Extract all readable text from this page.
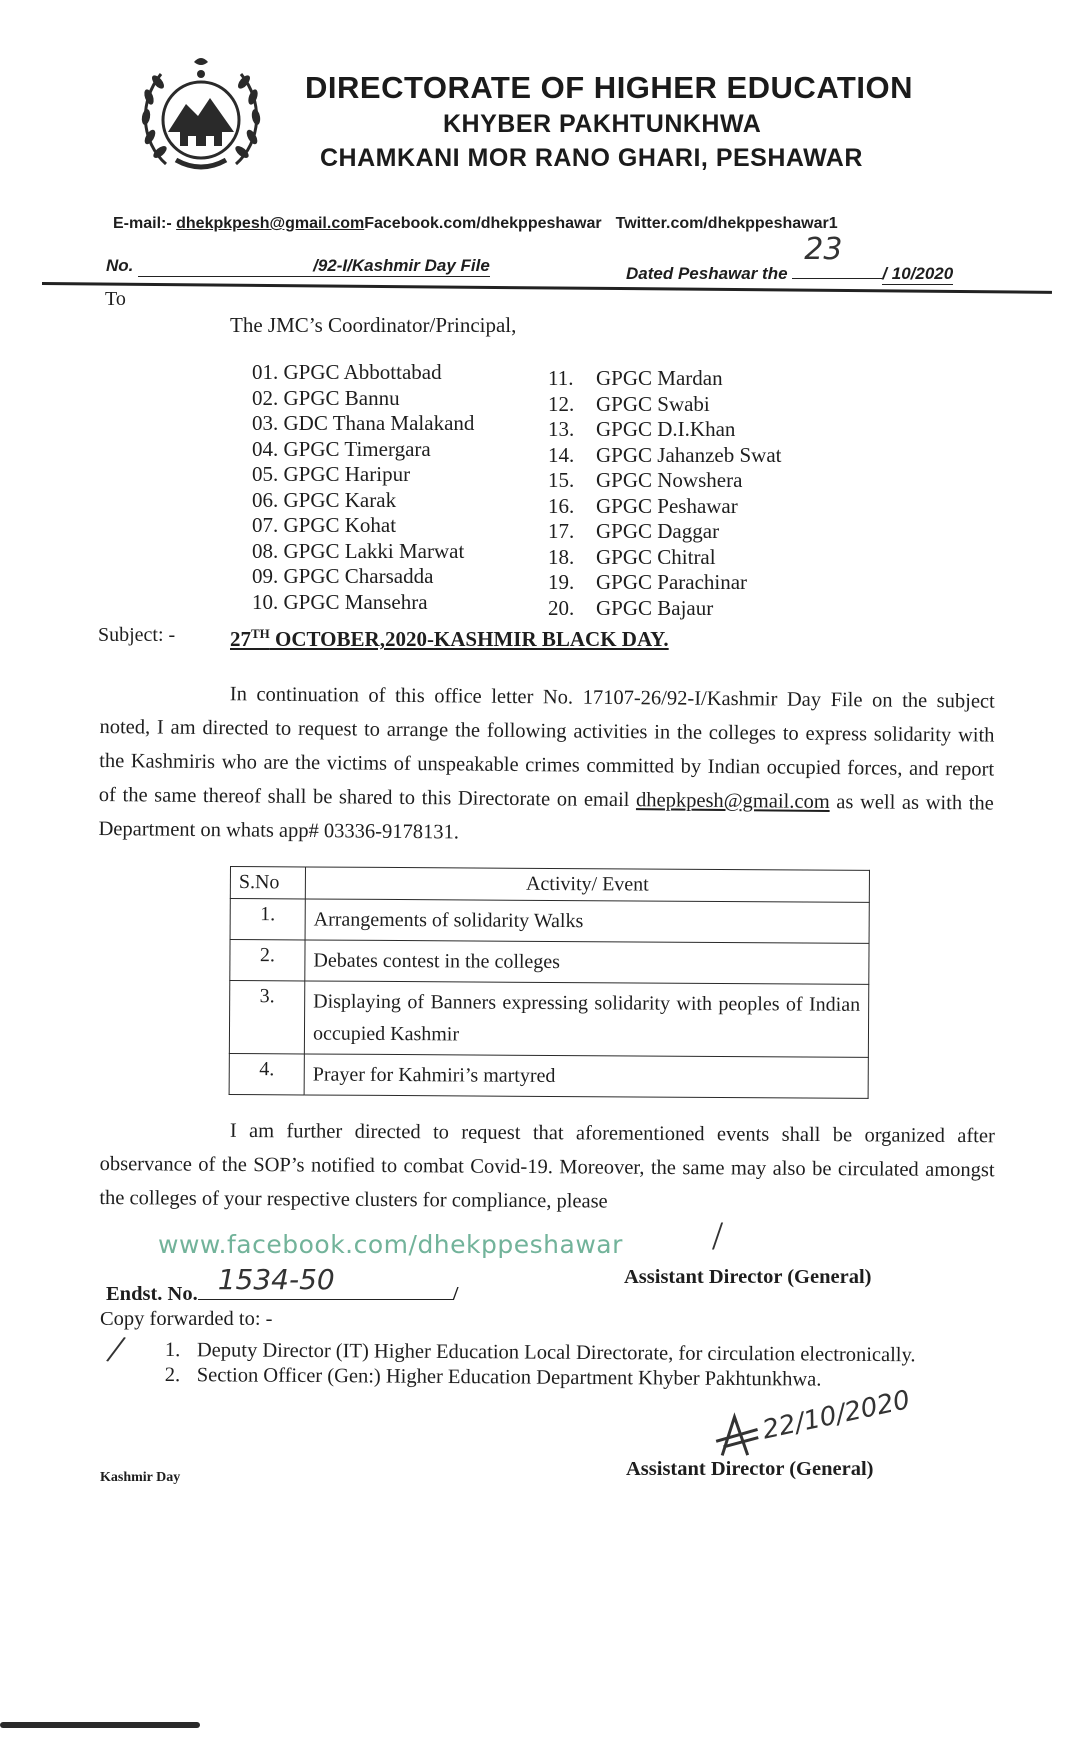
DIRECTORATE OF HIGHER EDUCATION
KHYBER PAKHTUNKHWA
CHAMKANI MOR RANO GHARI, PESHAWAR
E-mail:- dhekpkpesh@gmail.comFacebook.com/dhekppeshawar Twitter.com/dhekppeshawar1
No.	/92-I/Kashmir Day File	Dated Peshawar the
23
/ 10/2020
To
The JMC’s Coordinator/Principal,
01. GPGC Abbottabad
02. GPGC Bannu
03. GDC Thana Malakand
04. GPGC Timergara
05. GPGC Haripur
06. GPGC Karak
07. GPGC Kohat
08. GPGC Lakki Marwat
09. GPGC Charsadda
10. GPGC Mansehra
11. GPGC Mardan
12. GPGC Swabi
13. GPGC D.I.Khan
14. GPGC Jahanzeb Swat
15. GPGC Nowshera
16. GPGC Peshawar
17. GPGC Daggar
18. GPGC Chitral
19. GPGC Parachinar
20. GPGC Bajaur
Subject: -	27TH OCTOBER,2020-KASHMIR BLACK DAY.
In continuation of this office letter No. 17107-26/92-I/Kashmir Day File on the subject noted, I am directed to request to arrange the following activities in the colleges to express solidarity with the Kashmiris who are the victims of unspeakable crimes committed by Indian occupied forces, and report of the same thereof shall be shared to this Directorate on email dhepkpesh@gmail.com as well as with the Department on whats app# 03336-9178131.
S.No	Activity/ Event
1.	Arrangements of solidarity Walks
2.	Debates contest in the colleges
3.	Displaying of Banners expressing solidarity with peoples of Indian occupied Kashmir
4.	Prayer for Kahmiri’s martyred
I am further directed to request that aforementioned events shall be organized after observance of the SOP’s notified to combat Covid-19. Moreover, the same may also be circulated amongst the colleges of your respective clusters for compliance, please
/
www.facebook.com/dhekppeshawar
Assistant Director (General)
Endst. No. 1534-50	/
Copy forwarded to: -
/ 1. Deputy Director (IT) Higher Education Local Directorate, for circulation electronically.
2. Section Officer (Gen:) Higher Education Department Khyber Pakhtunkhwa.
22/10/2020
Assistant Director (General)
Kashmir Day
